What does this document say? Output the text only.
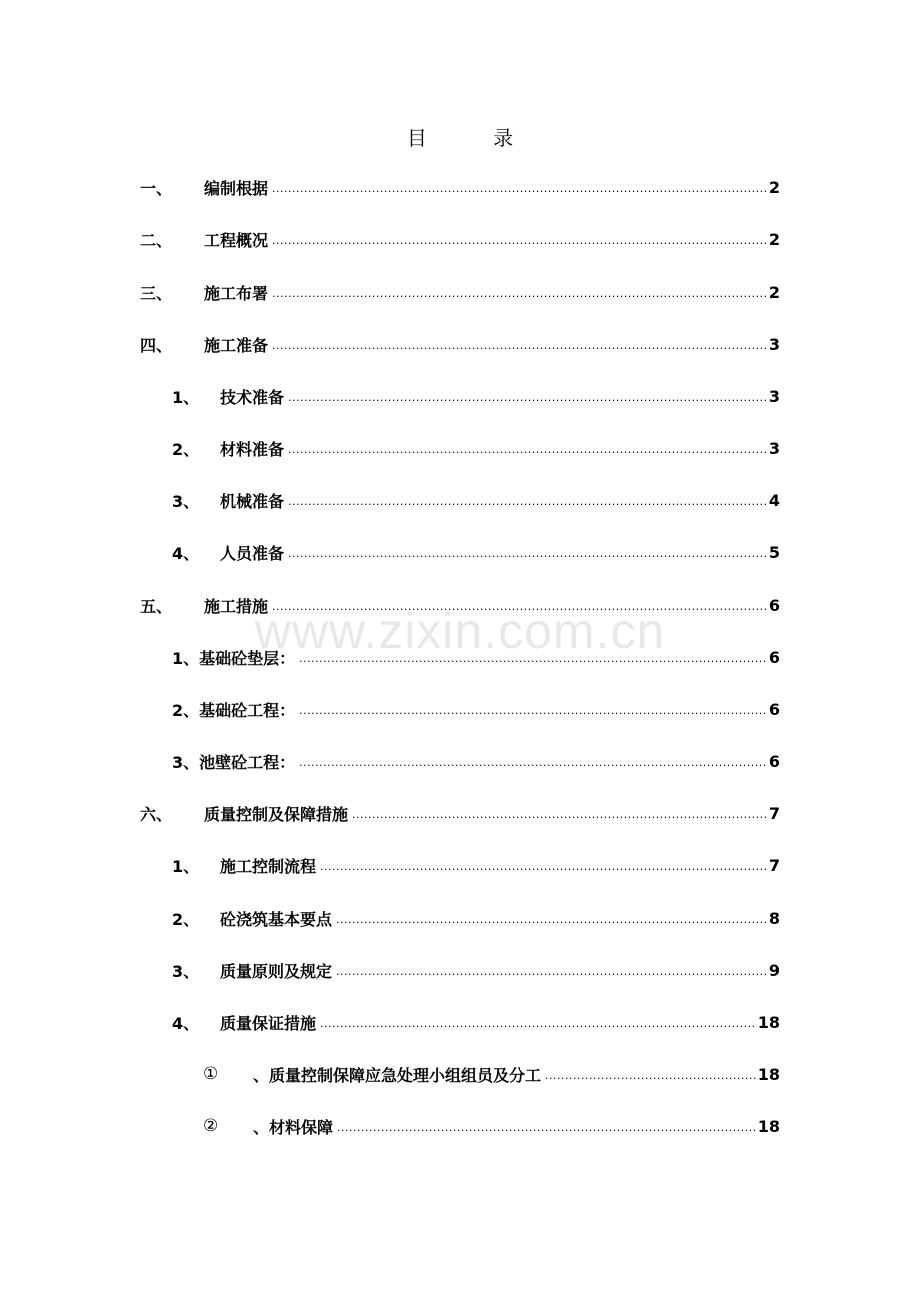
目 录
www.zixin.com.cn
一、	编制根据 .....	2
二、	工程概况 .....	2
三、	施工布署 .....	2
四、	施工准备 .....	3
1、	技术准备 .....	3
2、	材料准备 .....	3
3、	机械准备 .....	4
4、	人员准备 .....	5
五、	施工措施 .....	6
1、 基础砼垫层： .....	6
2、 基础砼工程： .....	6
3、 池壁砼工程： .....	6
六、	质量控制及保障措施 .....	7
1、	施工控制流程 .....	7
2、	砼浇筑基本要点 .....	8
3、	质量原则及规定 .....	9
4、	质量保证措施 .....	18
①	、质量控制保障应急处理小组组员及分工 .....	18
②	、材料保障 .....	18
